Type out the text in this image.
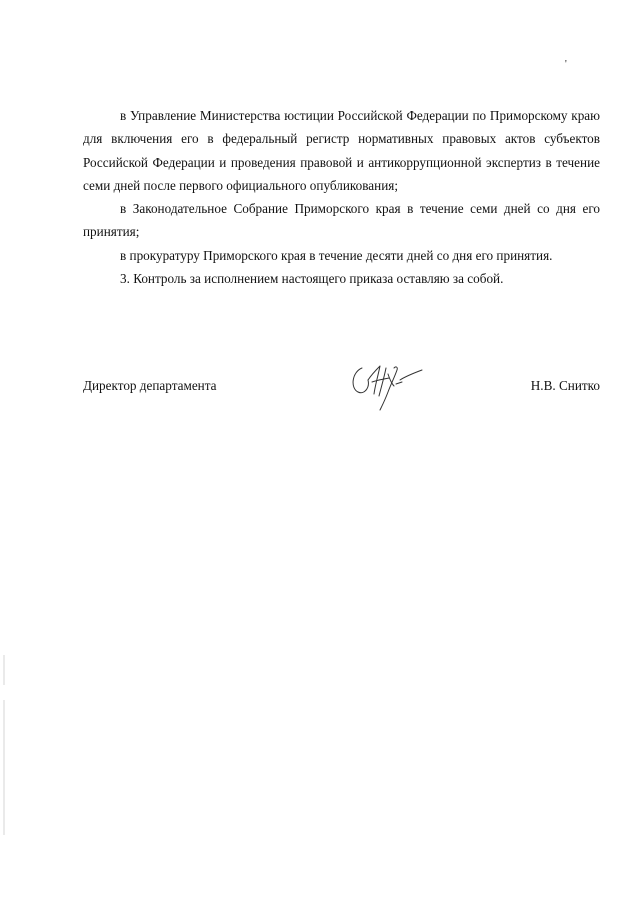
'

в Управление Министерства юстиции Российской Федерации по Приморскому краю для включения его в федеральный регистр нормативных правовых актов субъектов Российской Федерации и проведения правовой и антикоррупционной экспертиз в течение семи дней после первого официального опубликования;

в Законодательное Собрание Приморского края в течение семи дней со дня его принятия;

в прокуратуру Приморского края в течение десяти дней со дня его принятия.

3. Контроль за исполнением настоящего приказа оставляю за собой.

Директор департамента	Н.В. Снитко
